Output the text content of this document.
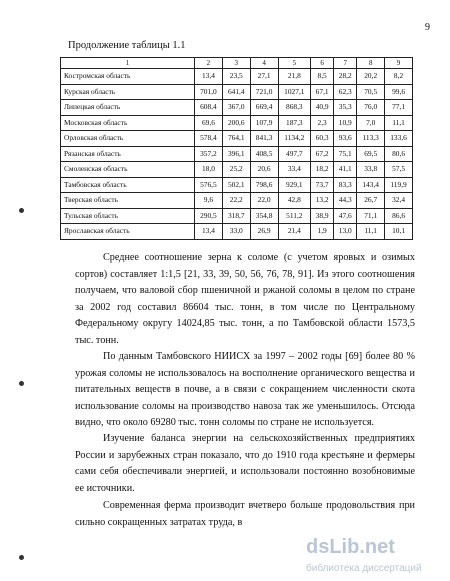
9
Продолжение таблицы 1.1
1	2	3	4	5	6	7	8	9
Костромская область	13,4	23,5	27,1	21,8	8,5	28,2	20,2	8,2
Курская область	701,0	641,4	721,0	1027,1	67,1	62,3	70,5	99,6
Липецкая область	608,4	367,0	669,4	868,3	40,9	35,3	76,0	77,1
Московская область	69,6	200,6	107,9	187,3	2,3	10,9	7,0	11,1
Орловская область	578,4	764,1	841,3	1134,2	60,3	93,6	113,3	133,6
Рязанская область	357,2	396,1	408,5	497,7	67,2	75,1	69,5	80,6
Смоленская область	18,0	25,2	20,6	33,4	18,2	41,1	33,8	57,5
Тамбовская область	576,5	502,1	798,6	929,1	73,7	83,3	143,4	119,9
Тверская область	9,6	22,2	22,0	42,8	13,2	44,3	26,7	32,4
Тульская область	290,5	318,7	354,8	511,2	38,9	47,6	71,1	86,6
Ярославская область	13,4	33,0	26,9	21,4	1,9	13,0	11,1	10,1

Среднее соотношение зерна к соломе (с учетом яровых и озимых сортов) составляет 1:1,5 [21, 33, 39, 50, 56, 76, 78, 91]. Из этого соотношения получаем, что валовой сбор пшеничной и ржаной соломы в целом по стране за 2002 год составил 86604 тыс. тонн, в том числе по Центральному Федеральному округу 14024,85 тыс. тонн, а по Тамбовской области 1573,5 тыс. тонн.

По данным Тамбовского НИИСХ за 1997 – 2002 годы [69] более 80 % урожая соломы не использовалось на восполнение органического вещества и питательных веществ в почве, а в связи с сокращением численности скота использование соломы на производство навоза так же уменьшилось. Отсюда видно, что около 69280 тыс. тонн соломы по стране не используется.

Изучение баланса энергии на сельскохозяйственных предприятиях России и зарубежных стран показало, что до 1910 года крестьяне и фермеры сами себя обеспечивали энергией, и использовали постоянно возобновимые ее источники.

Современная ферма производит вчетверо больше продовольствия при сильно сокращенных затратах труда, в

dsLib.net
библиотека диссертаций
